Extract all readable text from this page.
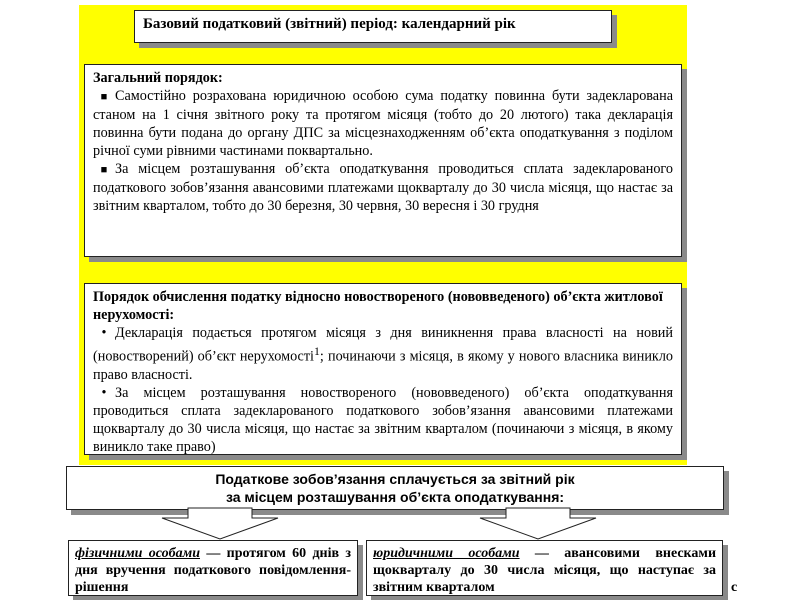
Базовий податковий (звітний) період: календарний рік
Загальний порядок:
■ Самостійно розрахована юридичною особою сума податку повинна бути задекларована станом на 1 січня звітного року та протягом місяця (тобто до 20 лютого) така декларація повинна бути подана до органу ДПС за місцезнаходженням об’єкта оподаткування з поділом річної суми рівними частинами поквартально.
■ За місцем розташування об’єкта оподаткування проводиться сплата задекларованого податкового зобов’язання авансовими платежами щокварталу до 30 числа місяця, що настає за звітним кварталом, тобто до 30 березня, 30 червня, 30 вересня і 30 грудня
Порядок обчислення податку відносно новоствореного (нововведеного) об’єкта житлової нерухомості:
• Декларація подається протягом місяця з дня виникнення права власності на новий (новостворений) об’єкт нерухомості$^1$; починаючи з місяця, в якому у нового власника виникло право власності.
• За місцем розташування новоствореного (нововведеного) об’єкта оподаткування проводиться сплата задекларованого податкового зобов’язання авансовими платежами щокварталу до 30 числа місяця, що настає за звітним кварталом (починаючи з місяця, в якому виникло таке право)
Податкове зобов’язання сплачується за звітний рік
за місцем розташування об’єкта оподаткування:
фізичними особами — протягом 60 днів з дня вручення податкового повідомлення-рішення
юридичними особами — авансовими внесками щокварталу до 30 числа місяця, що наступає за звітним кварталом	с
